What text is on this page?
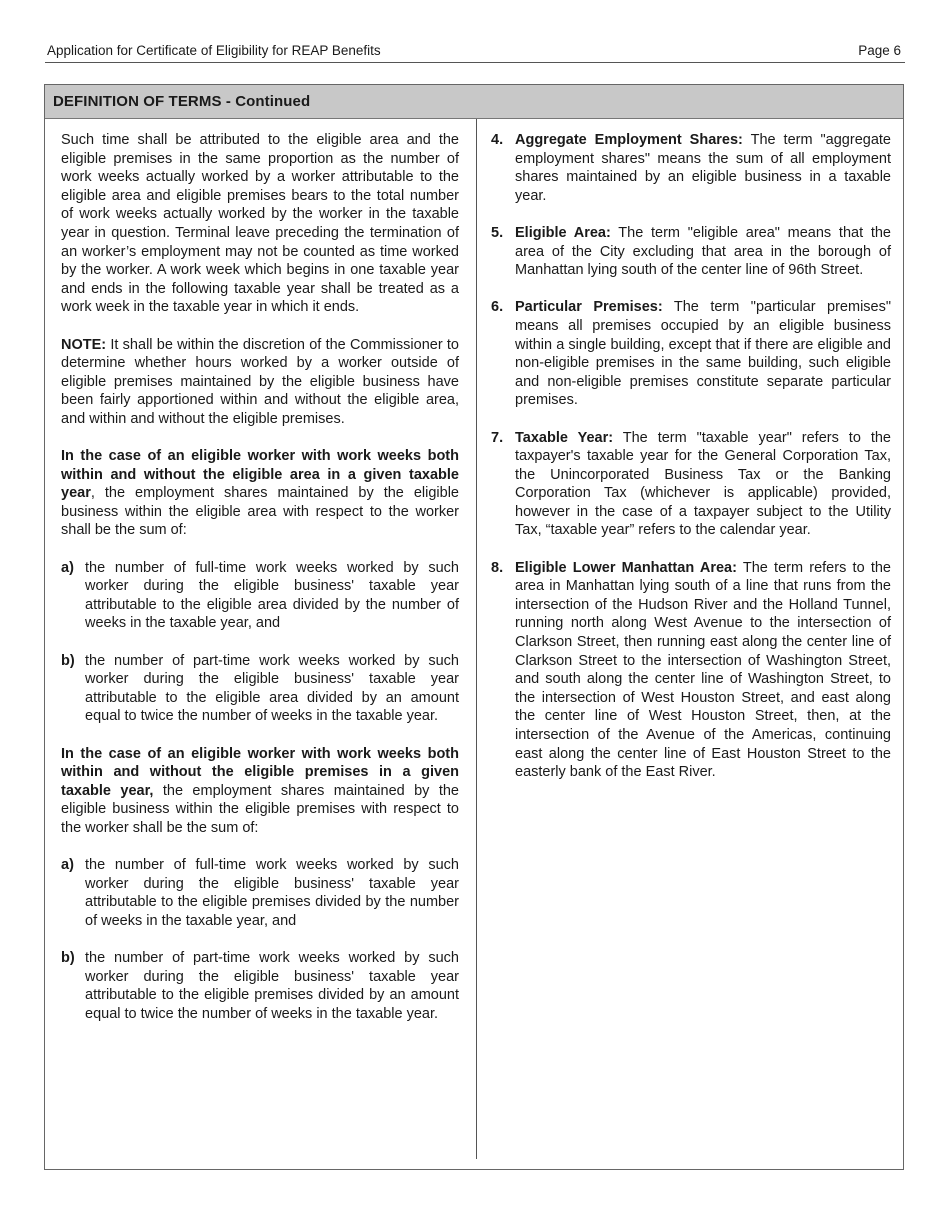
Application for Certificate of Eligibility for REAP Benefits	Page 6
DEFINITION OF TERMS - Continued

Such time shall be attributed to the eligible area and the eligible premises in the same proportion as the number of work weeks actually worked by a worker attributable to the eligible area and eligible premises bears to the total number of work weeks actually worked by the worker in the taxable year in question. Terminal leave preceding the termination of an worker’s employment may not be counted as time worked by the worker. A work week which begins in one taxable year and ends in the following taxable year shall be treated as a work week in the taxable year in which it ends.

NOTE: It shall be within the discretion of the Commissioner to determine whether hours worked by a worker outside of eligible premises maintained by the eligible business have been fairly apportioned within and without the eligible area, and within and without the eligible premises.

In the case of an eligible worker with work weeks both within and without the eligible area in a given taxable year, the employment shares maintained by the eligible business within the eligible area with respect to the worker shall be the sum of:

a) the number of full-time work weeks worked by such worker during the eligible business' taxable year attributable to the eligible area divided by the number of weeks in the taxable year, and
b) the number of part-time work weeks worked by such worker during the eligible business' taxable year attributable to the eligible area divided by an amount equal to twice the number of weeks in the taxable year.

In the case of an eligible worker with work weeks both within and without the eligible premises in a given taxable year, the employment shares maintained by the eligible business within the eligible premises with respect to the worker shall be the sum of:

a) the number of full-time work weeks worked by such worker during the eligible business' taxable year attributable to the eligible premises divided by the number of weeks in the taxable year, and
b) the number of part-time work weeks worked by such worker during the eligible business' taxable year attributable to the eligible premises divided by an amount equal to twice the number of weeks in the taxable year.
4. Aggregate Employment Shares: The term "aggregate employment shares" means the sum of all employment shares maintained by an eligible business in a taxable year.
5. Eligible Area: The term "eligible area" means that the area of the City excluding that area in the borough of Manhattan lying south of the center line of 96th Street.
6. Particular Premises: The term "particular premises" means all premises occupied by an eligible business within a single building, except that if there are eligible and non-eligible premises in the same building, such eligible and non-eligible premises constitute separate particular premises.
7. Taxable Year: The term "taxable year" refers to the taxpayer's taxable year for the General Corporation Tax, the Unincorporated Business Tax or the Banking Corporation Tax (whichever is applicable) provided, however in the case of a taxpayer subject to the Utility Tax, “taxable year” refers to the calendar year.
8. Eligible Lower Manhattan Area: The term refers to the area in Manhattan lying south of a line that runs from the intersection of the Hudson River and the Holland Tunnel, running north along West Avenue to the intersection of Clarkson Street, then running east along the center line of Clarkson Street to the intersection of Washington Street, and south along the center line of Washington Street, to the intersection of West Houston Street, and east along the center line of West Houston Street, then, at the intersection of the Avenue of the Americas, continuing east along the center line of East Houston Street to the easterly bank of the East River.
